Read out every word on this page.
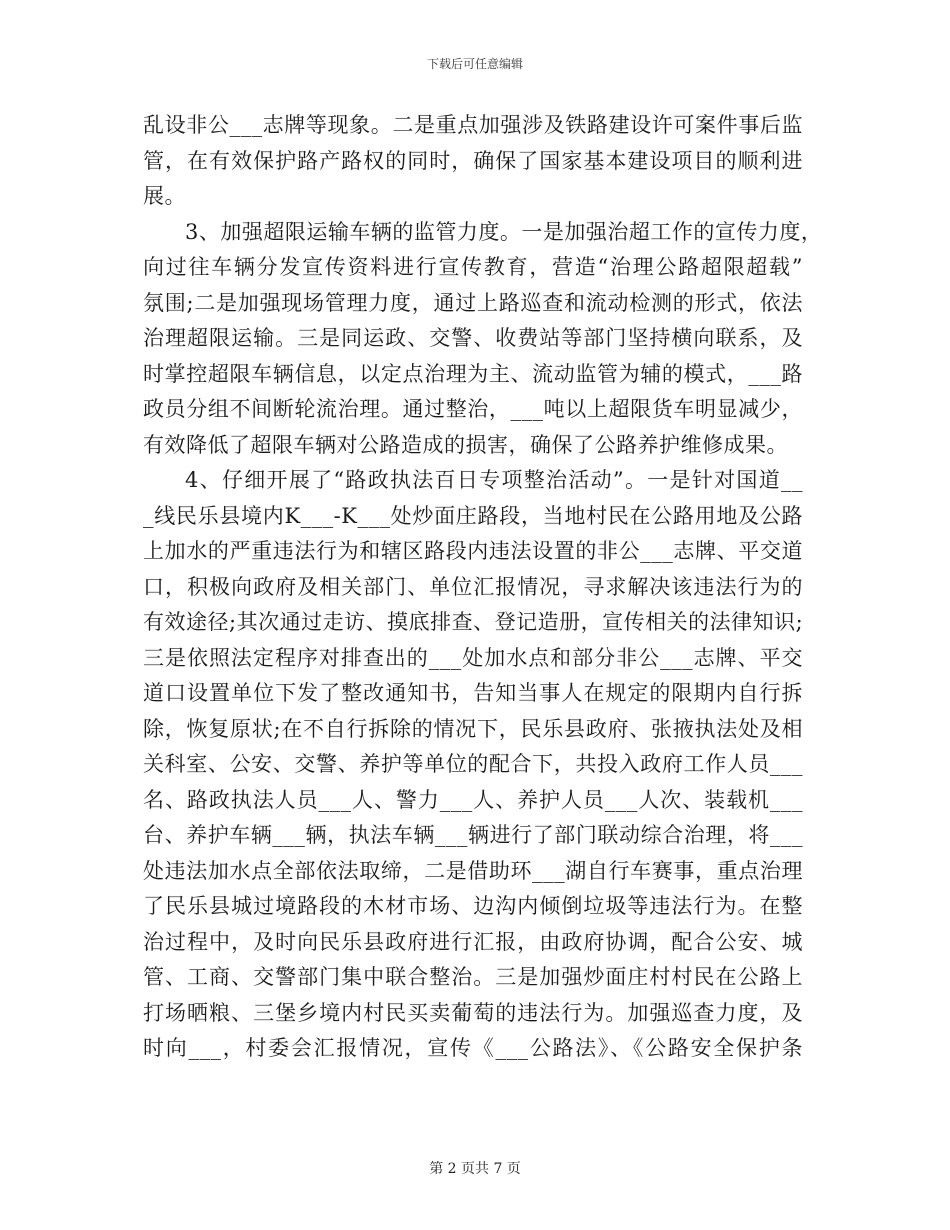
下载后可任意编辑
乱设非公___志牌等现象。二是重点加强涉及铁路建设许可案件事后监
管，在有效保护路产路权的同时，确保了国家基本建设项目的顺利进
展。
3、加强超限运输车辆的监管力度。一是加强治超工作的宣传力度，
向过往车辆分发宣传资料进行宣传教育，营造“治理公路超限超载”
氛围;二是加强现场管理力度，通过上路巡查和流动检测的形式，依法
治理超限运输。三是同运政、交警、收费站等部门坚持横向联系，及
时掌控超限车辆信息，以定点治理为主、流动监管为辅的模式，___路
政员分组不间断轮流治理。通过整治，___吨以上超限货车明显减少，
有效降低了超限车辆对公路造成的损害，确保了公路养护维修成果。
4、仔细开展了“路政执法百日专项整治活动”。一是针对国道__
_线民乐县境内K___-K___处炒面庄路段，当地村民在公路用地及公路
上加水的严重违法行为和辖区路段内违法设置的非公___志牌、平交道
口，积极向政府及相关部门、单位汇报情况，寻求解决该违法行为的
有效途径;其次通过走访、摸底排查、登记造册，宣传相关的法律知识;
三是依照法定程序对排查出的___处加水点和部分非公___志牌、平交
道口设置单位下发了整改通知书，告知当事人在规定的限期内自行拆
除，恢复原状;在不自行拆除的情况下，民乐县政府、张掖执法处及相
关科室、公安、交警、养护等单位的配合下，共投入政府工作人员___
名、路政执法人员___人、警力___人、养护人员___人次、装载机___
台、养护车辆___辆，执法车辆___辆进行了部门联动综合治理，将___
处违法加水点全部依法取缔，二是借助环___湖自行车赛事，重点治理
了民乐县城过境路段的木材市场、边沟内倾倒垃圾等违法行为。在整
治过程中，及时向民乐县政府进行汇报，由政府协调，配合公安、城
管、工商、交警部门集中联合整治。三是加强炒面庄村村民在公路上
打场晒粮、三堡乡境内村民买卖葡萄的违法行为。加强巡查力度，及
时向___，村委会汇报情况，宣传《___公路法》、《公路安全保护条
第 2 页共 7 页
